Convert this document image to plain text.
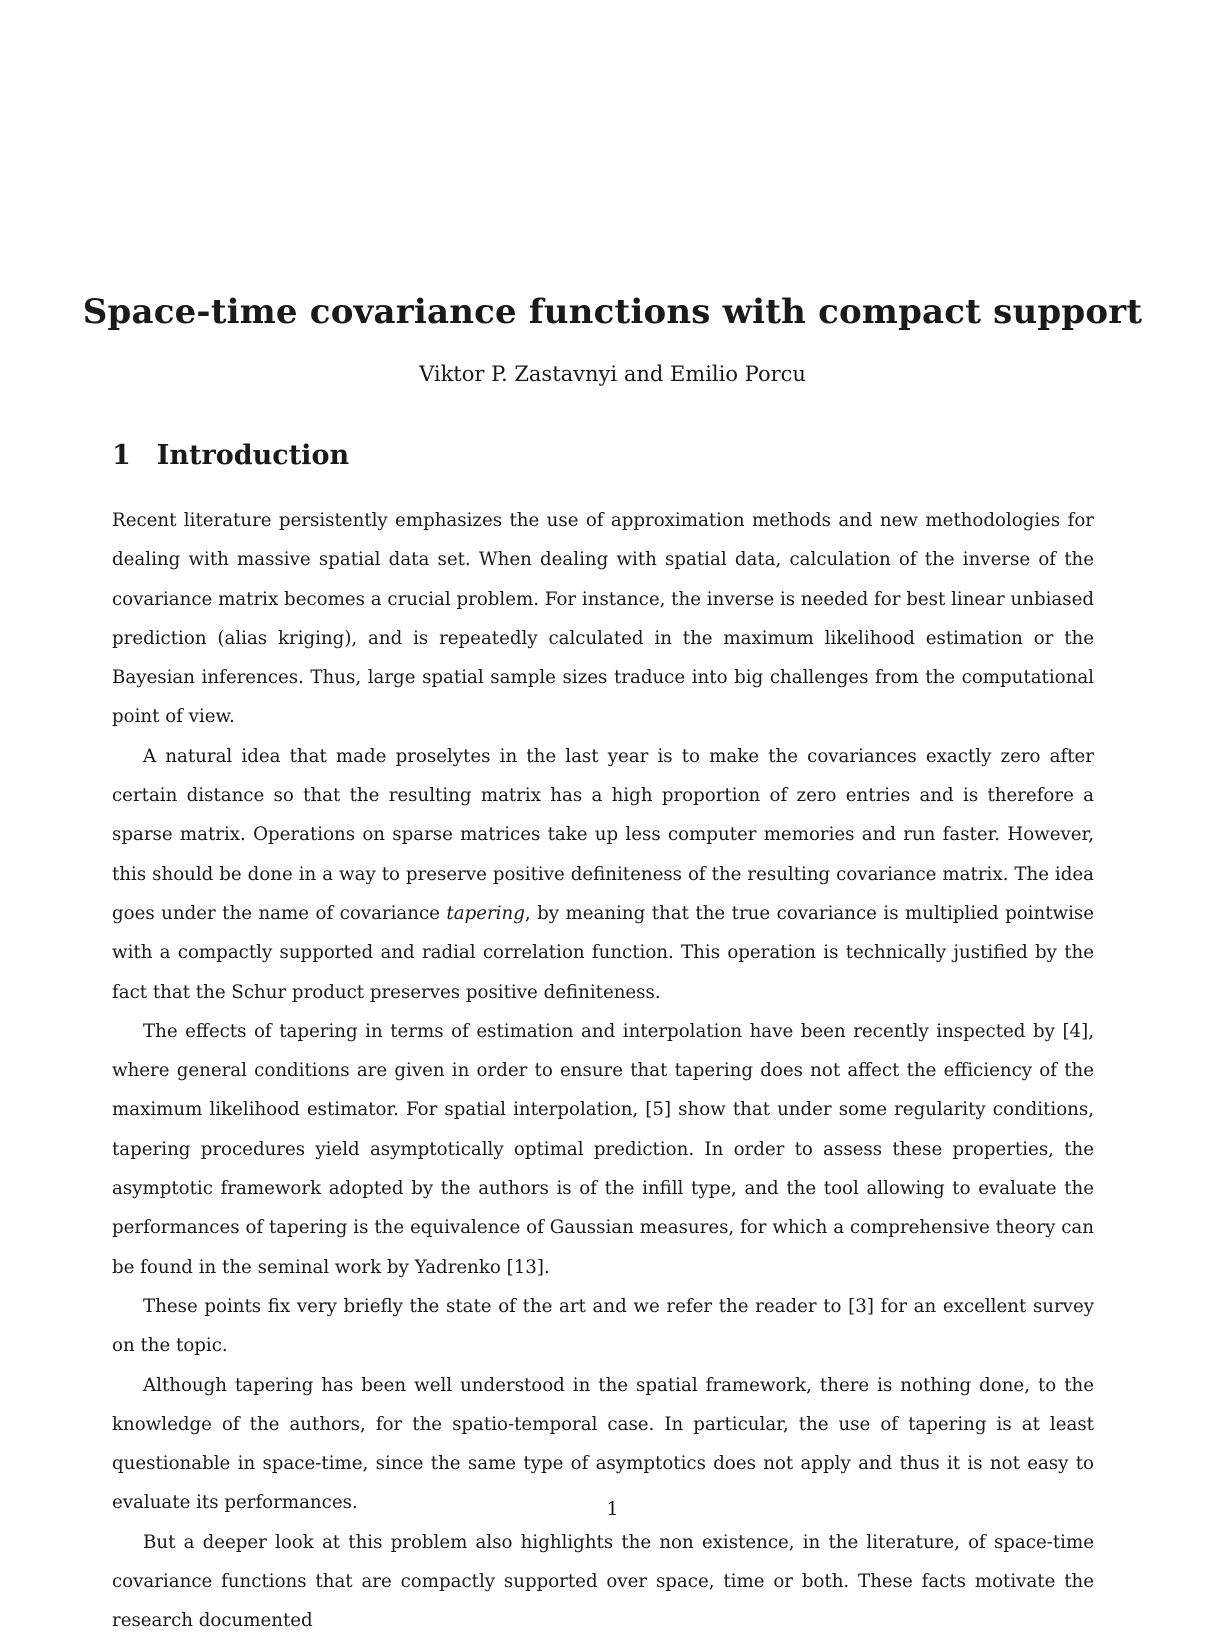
Space-time covariance functions with compact support
Viktor P. Zastavnyi and Emilio Porcu
1 Introduction

Recent literature persistently emphasizes the use of approximation methods and new methodologies for dealing with massive spatial data set. When dealing with spatial data, calculation of the inverse of the covariance matrix becomes a crucial problem. For instance, the inverse is needed for best linear unbiased prediction (alias kriging), and is repeatedly calculated in the maximum likelihood estimation or the Bayesian inferences. Thus, large spatial sample sizes traduce into big challenges from the computational point of view.

A natural idea that made proselytes in the last year is to make the covariances exactly zero after certain distance so that the resulting matrix has a high proportion of zero entries and is therefore a sparse matrix. Operations on sparse matrices take up less computer memories and run faster. However, this should be done in a way to preserve positive definiteness of the resulting covariance matrix. The idea goes under the name of covariance tapering, by meaning that the true covariance is multiplied pointwise with a compactly supported and radial correlation function. This operation is technically justified by the fact that the Schur product preserves positive definiteness.

The effects of tapering in terms of estimation and interpolation have been recently inspected by [4], where general conditions are given in order to ensure that tapering does not affect the efficiency of the maximum likelihood estimator. For spatial interpolation, [5] show that under some regularity conditions, tapering procedures yield asymptotically optimal prediction. In order to assess these properties, the asymptotic framework adopted by the authors is of the infill type, and the tool allowing to evaluate the performances of tapering is the equivalence of Gaussian measures, for which a comprehensive theory can be found in the seminal work by Yadrenko [13].

These points fix very briefly the state of the art and we refer the reader to [3] for an excellent survey on the topic.

Although tapering has been well understood in the spatial framework, there is nothing done, to the knowledge of the authors, for the spatio-temporal case. In particular, the use of tapering is at least questionable in space-time, since the same type of asymptotics does not apply and thus it is not easy to evaluate its performances.

But a deeper look at this problem also highlights the non existence, in the literature, of space-time covariance functions that are compactly supported over space, time or both. These facts motivate the research documented

1
